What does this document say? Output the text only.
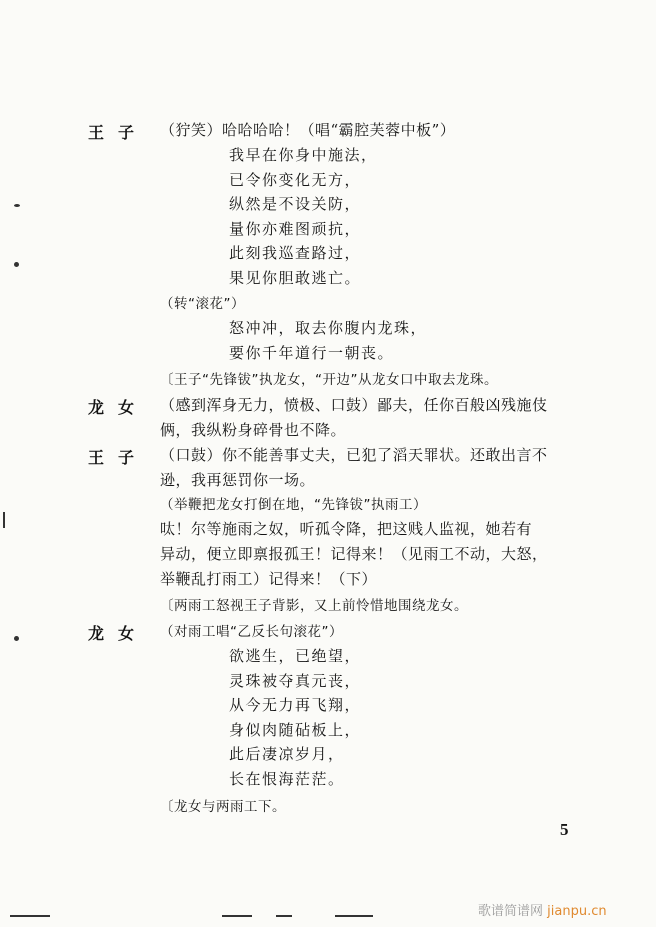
王子 （狞笑）哈哈哈哈！（唱“霸腔芙蓉中板”）
我早在你身中施法，
已令你变化无方，
纵然是不设关防，
量你亦难图顽抗，
此刻我巡查路过，
果见你胆敢逃亡。
（转“滚花”）
怒冲冲，取去你腹内龙珠，
要你千年道行一朝丧。
〔王子“先锋钹”执龙女，“开边”从龙女口中取去龙珠。
龙女 （感到浑身无力，愤极、口鼓）鄙夫，任你百般凶残施伎
俩，我纵粉身碎骨也不降。
王子 （口鼓）你不能善事丈夫，已犯了滔天罪状。还敢出言不
逊，我再惩罚你一场。
（举鞭把龙女打倒在地，“先锋钹”执雨工）
呔！尔等施雨之奴，听孤令降，把这贱人监视，她若有
异动，便立即禀报孤王！记得来！（见雨工不动，大怒，
举鞭乱打雨工）记得来！（下）
〔两雨工怒视王子背影，又上前怜惜地围绕龙女。
龙女 （对雨工唱“乙反长句滚花”）
欲逃生，已绝望，
灵珠被夺真元丧，
从今无力再飞翔，
身似肉随砧板上，
此后凄凉岁月，
长在恨海茫茫。
〔龙女与两雨工下。
5
歌谱简谱网 jianpu.cn
